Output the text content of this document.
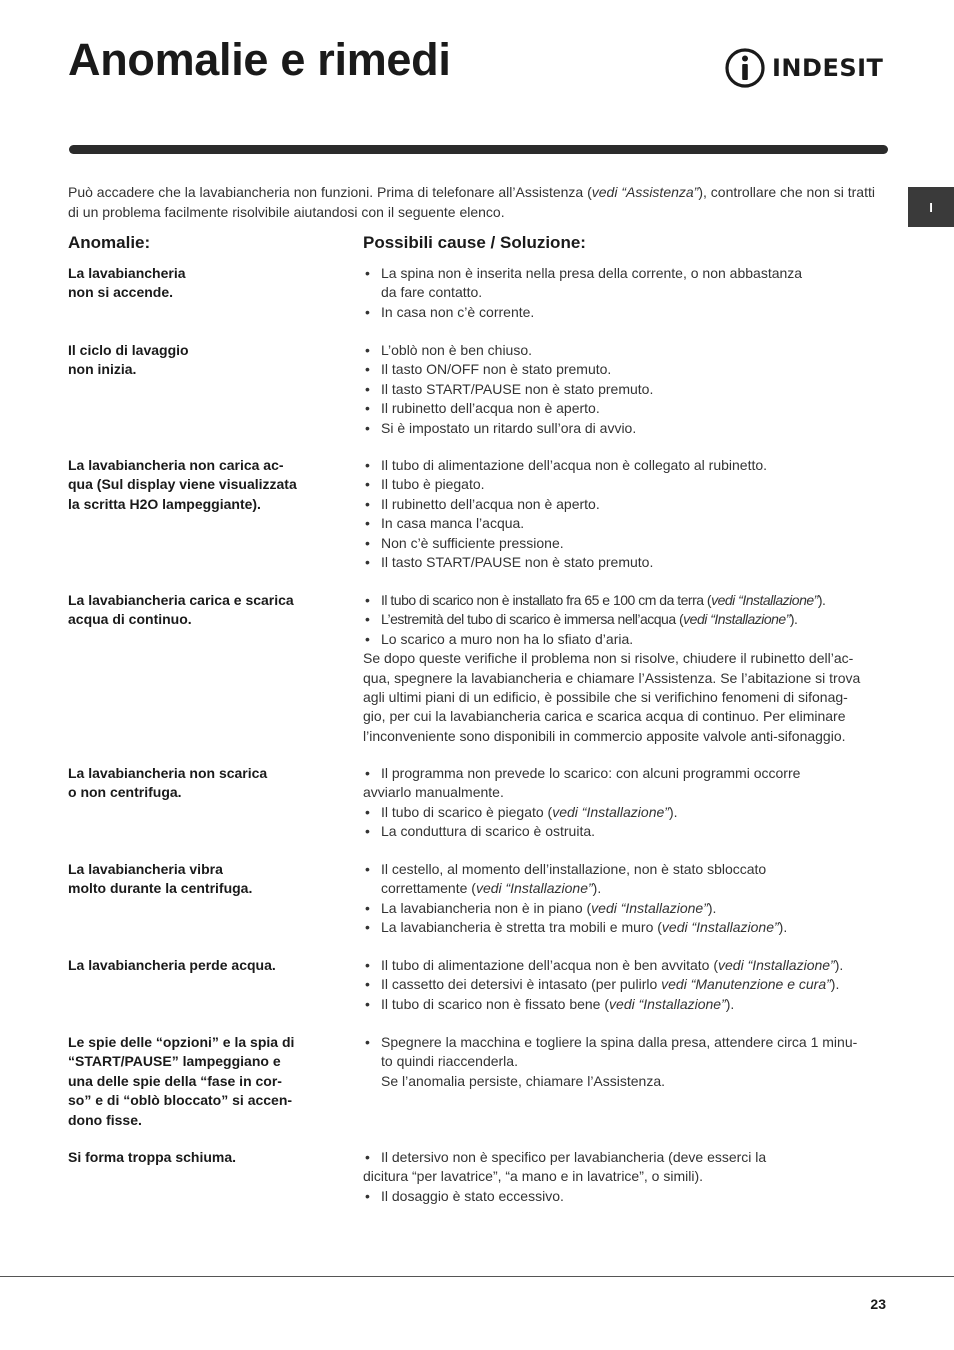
Anomalie e rimedi	INDESIT
I
Può accadere che la lavabiancheria non funzioni. Prima di telefonare all’Assistenza (vedi “Assistenza”), controllare che non si tratti di un problema facilmente risolvibile aiutandosi con il seguente elenco.
Anomalie:	Possibili cause / Soluzione:
La lavabiancheria
non si accende.
• La spina non è inserita nella presa della corrente, o non abbastanza
da fare contatto.
• In casa non c’è corrente.
Il ciclo di lavaggio
non inizia.
• L’oblò non è ben chiuso.
• Il tasto ON/OFF non è stato premuto.
• Il tasto START/PAUSE non è stato premuto.
• Il rubinetto dell’acqua non è aperto.
• Si è impostato un ritardo sull’ora di avvio.
La lavabiancheria non carica ac-
qua (Sul display viene visualizzata
la scritta H2O lampeggiante).
• Il tubo di alimentazione dell’acqua non è collegato al rubinetto.
• Il tubo è piegato.
• Il rubinetto dell’acqua non è aperto.
• In casa manca l’acqua.
• Non c’è sufficiente pressione.
• Il tasto START/PAUSE non è stato premuto.
La lavabiancheria carica e scarica
acqua di continuo.
• Il tubo di scarico non è installato fra 65 e 100 cm da terra (vedi “Installazione”).
• L’estremità del tubo di scarico è immersa nell’acqua (vedi “Installazione”).
• Lo scarico a muro non ha lo sfiato d’aria.
Se dopo queste verifiche il problema non si risolve, chiudere il rubinetto dell’ac-
qua, spegnere la lavabiancheria e chiamare l’Assistenza. Se l’abitazione si trova
agli ultimi piani di un edificio, è possibile che si verifichino fenomeni di sifonag-
gio, per cui la lavabiancheria carica e scarica acqua di continuo. Per eliminare
l’inconveniente sono disponibili in commercio apposite valvole anti-sifonaggio.
La lavabiancheria non scarica
o non centrifuga.
• Il programma non prevede lo scarico: con alcuni programmi occorre
avviarlo manualmente.
• Il tubo di scarico è piegato (vedi “Installazione”).
• La conduttura di scarico è ostruita.
La lavabiancheria vibra
molto durante la centrifuga.
• Il cestello, al momento dell’installazione, non è stato sbloccato
correttamente (vedi “Installazione”).
• La lavabiancheria non è in piano (vedi “Installazione”).
• La lavabiancheria è stretta tra mobili e muro (vedi “Installazione”).
La lavabiancheria perde acqua.	• Il tubo di alimentazione dell’acqua non è ben avvitato (vedi “Installazione”).
• Il cassetto dei detersivi è intasato (per pulirlo vedi “Manutenzione e cura”).
• Il tubo di scarico non è fissato bene (vedi “Installazione”).
Le spie delle “opzioni” e la spia di
“START/PAUSE” lampeggiano e
una delle spie della “fase in cor-
so” e di “oblò bloccato” si accen-
dono fisse.
• Spegnere la macchina e togliere la spina dalla presa, attendere circa 1 minu-
to quindi riaccenderla.
Se l’anomalia persiste, chiamare l’Assistenza.
Si forma troppa schiuma.	• Il detersivo non è specifico per lavabiancheria (deve esserci la
dicitura “per lavatrice”, “a mano e in lavatrice”, o simili).
• Il dosaggio è stato eccessivo.
23
